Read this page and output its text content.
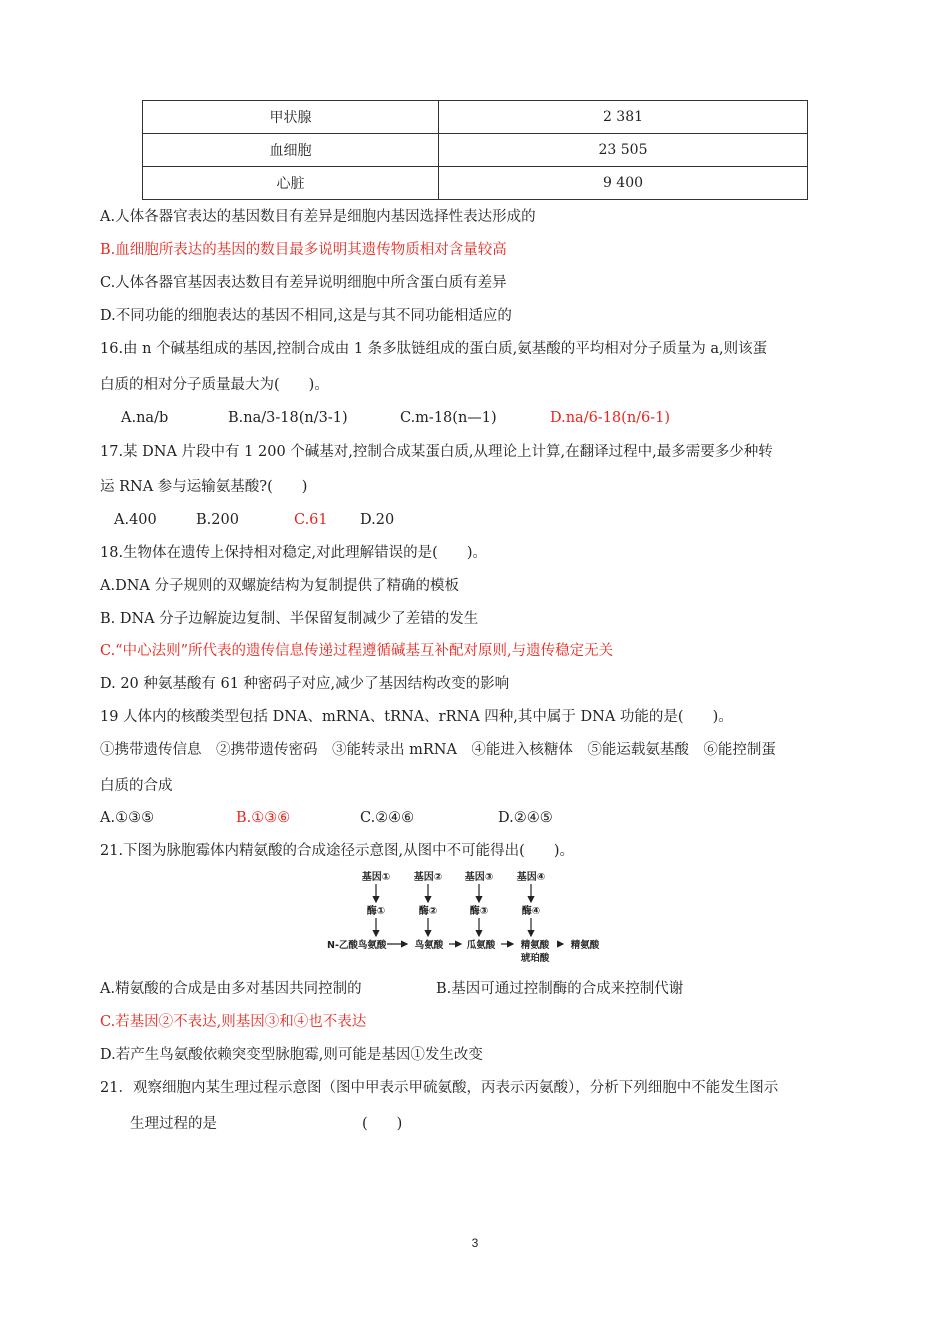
甲状腺	2 381
血细胞	23 505
心脏	9 400
A.人体各器官表达的基因数目有差异是细胞内基因选择性表达形成的
B.血细胞所表达的基因的数目最多说明其遗传物质相对含量较高
C.人体各器官基因表达数目有差异说明细胞中所含蛋白质有差异
D.不同功能的细胞表达的基因不相同,这是与其不同功能相适应的
16.由 n 个碱基组成的基因,控制合成由 1 条多肽链组成的蛋白质,氨基酸的平均相对分子质量为 a,则该蛋
白质的相对分子质量最大为(　　)。
A.na/b	B.na/3-18(n/3-1)	C.m-18(n—1)	D.na/6-18(n/6-1)
17.某 DNA 片段中有 1 200 个碱基对,控制合成某蛋白质,从理论上计算,在翻译过程中,最多需要多少种转
运 RNA 参与运输氨基酸?(　　)
A.400	B.200	C.61 D.20
18.生物体在遗传上保持相对稳定,对此理解错误的是(　　)。
A.DNA 分子规则的双螺旋结构为复制提供了精确的模板
B. DNA 分子边解旋边复制、半保留复制减少了差错的发生
C.“中心法则”所代表的遗传信息传递过程遵循碱基互补配对原则,与遗传稳定无关
D. 20 种氨基酸有 61 种密码子对应,减少了基因结构改变的影响
19 人体内的核酸类型包括 DNA、mRNA、tRNA、rRNA 四种,其中属于 DNA 功能的是(　　)。
①携带遗传信息　②携带遗传密码　③能转录出 mRNA　④能进入核糖体　⑤能运载氨基酸　⑥能控制蛋
白质的合成
A.①③⑤	B.①③⑥	C.②④⑥	D.②④⑤
21.下图为脉胞霉体内精氨酸的合成途径示意图,从图中不可能得出(　　)。
基因① 基因② 基因③ 基因④
酶①	酶②	酶③	酶④
N-乙酸鸟氨酸	鸟氨酸 瓜氨酸	精氨酸 精氨酸
琥珀酸
A.精氨酸的合成是由多对基因共同控制的	B.基因可通过控制酶的合成来控制代谢
C.若基因②不表达,则基因③和④也不表达
D.若产生鸟氨酸依赖突变型脉胞霉,则可能是基因①发生改变
21．观察细胞内某生理过程示意图（图中甲表示甲硫氨酸，丙表示丙氨酸），分析下列细胞中不能发生图示
生理过程的是	(　　)
3
